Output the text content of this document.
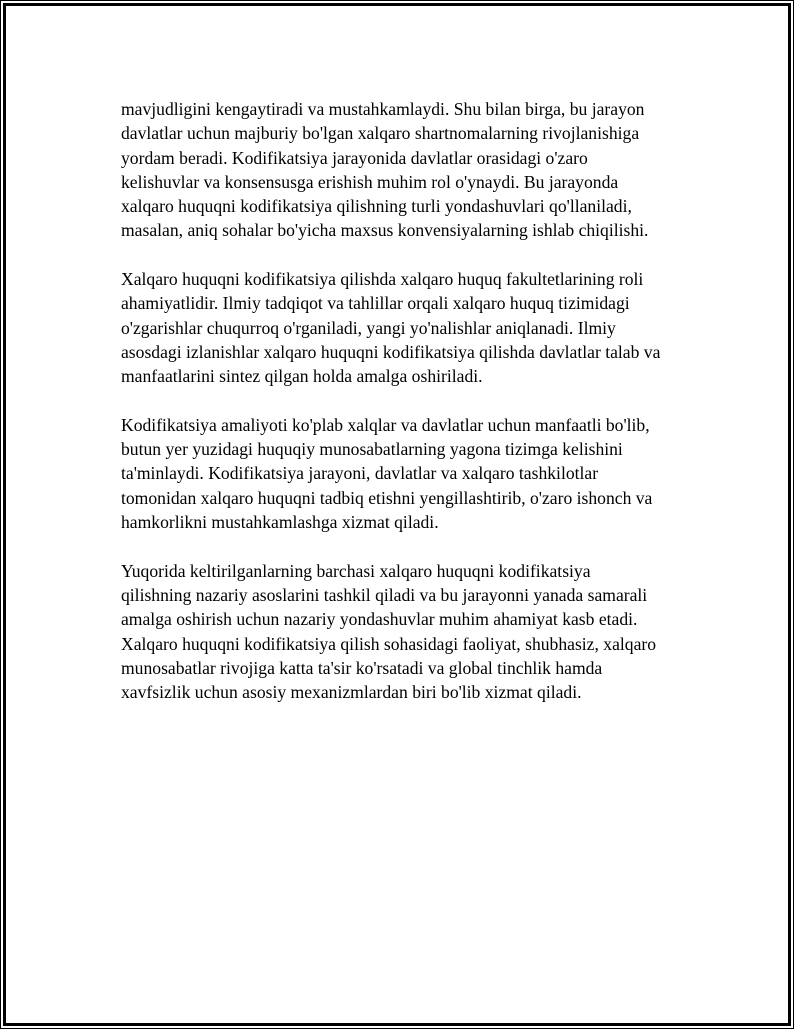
mavjudligini kengaytiradi va mustahkamlaydi. Shu bilan birga, bu jarayon
davlatlar uchun majburiy bo'lgan xalqaro shartnomalarning rivojlanishiga
yordam beradi. Kodifikatsiya jarayonida davlatlar orasidagi o'zaro
kelishuvlar va konsensusga erishish muhim rol o'ynaydi. Bu jarayonda
xalqaro huquqni kodifikatsiya qilishning turli yondashuvlari qo'llaniladi,
masalan, aniq sohalar bo'yicha maxsus konvensiyalarning ishlab chiqilishi.

Xalqaro huquqni kodifikatsiya qilishda xalqaro huquq fakultetlarining roli
ahamiyatlidir. Ilmiy tadqiqot va tahlillar orqali xalqaro huquq tizimidagi
o'zgarishlar chuqurroq o'rganiladi, yangi yo'nalishlar aniqlanadi. Ilmiy
asosdagi izlanishlar xalqaro huquqni kodifikatsiya qilishda davlatlar talab va
manfaatlarini sintez qilgan holda amalga oshiriladi.

Kodifikatsiya amaliyoti ko'plab xalqlar va davlatlar uchun manfaatli bo'lib,
butun yer yuzidagi huquqiy munosabatlarning yagona tizimga kelishini
ta'minlaydi. Kodifikatsiya jarayoni, davlatlar va xalqaro tashkilotlar
tomonidan xalqaro huquqni tadbiq etishni yengillashtirib, o'zaro ishonch va
hamkorlikni mustahkamlashga xizmat qiladi.

Yuqorida keltirilganlarning barchasi xalqaro huquqni kodifikatsiya
qilishning nazariy asoslarini tashkil qiladi va bu jarayonni yanada samarali
amalga oshirish uchun nazariy yondashuvlar muhim ahamiyat kasb etadi.
Xalqaro huquqni kodifikatsiya qilish sohasidagi faoliyat, shubhasiz, xalqaro
munosabatlar rivojiga katta ta'sir ko'rsatadi va global tinchlik hamda
xavfsizlik uchun asosiy mexanizmlardan biri bo'lib xizmat qiladi.
